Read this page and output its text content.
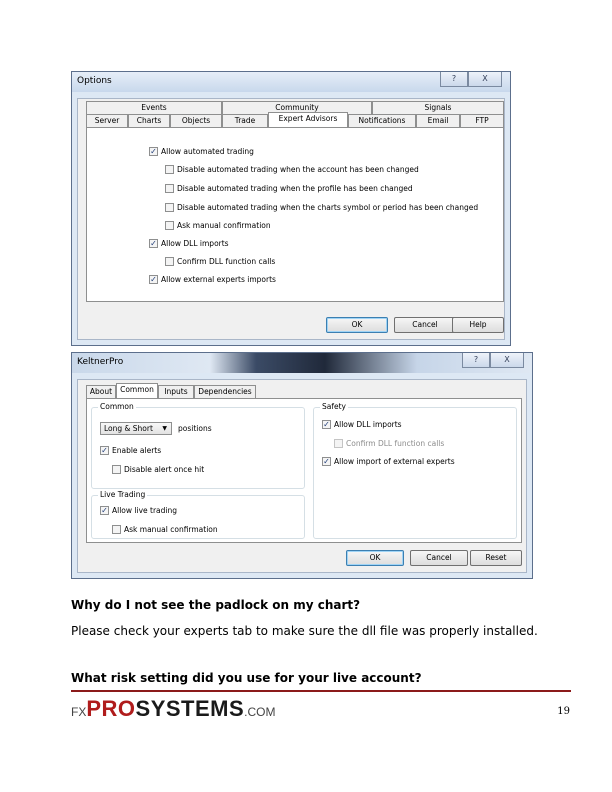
Options	?	X
Events	Community	Signals
Server	Charts	Objects	Trade	Expert Advisors	Notifications	Email	FTP
✓
Allow automated trading
Disable automated trading when the account has been changed
Disable automated trading when the profile has been changed
Disable automated trading when the charts symbol or period has been changed
Ask manual confirmation
✓
Allow DLL imports
Confirm DLL function calls
✓
Allow external experts imports
OK	Cancel	Help
KeltnerPro	?	X
About	Common	Inputs	Dependencies
Common
Long & Short ▼ positions
✓
Enable alerts
Disable alert once hit
Live Trading
✓
Allow live trading
Ask manual confirmation
Safety
✓
Allow DLL imports
Confirm DLL function calls
✓
Allow import of external experts
OK	Cancel	Reset
Why do I not see the padlock on my chart?
Please check your experts tab to make sure the dll file was properly installed.
What risk setting did you use for your live account?
FXPROSYSTEMS.COM	19
